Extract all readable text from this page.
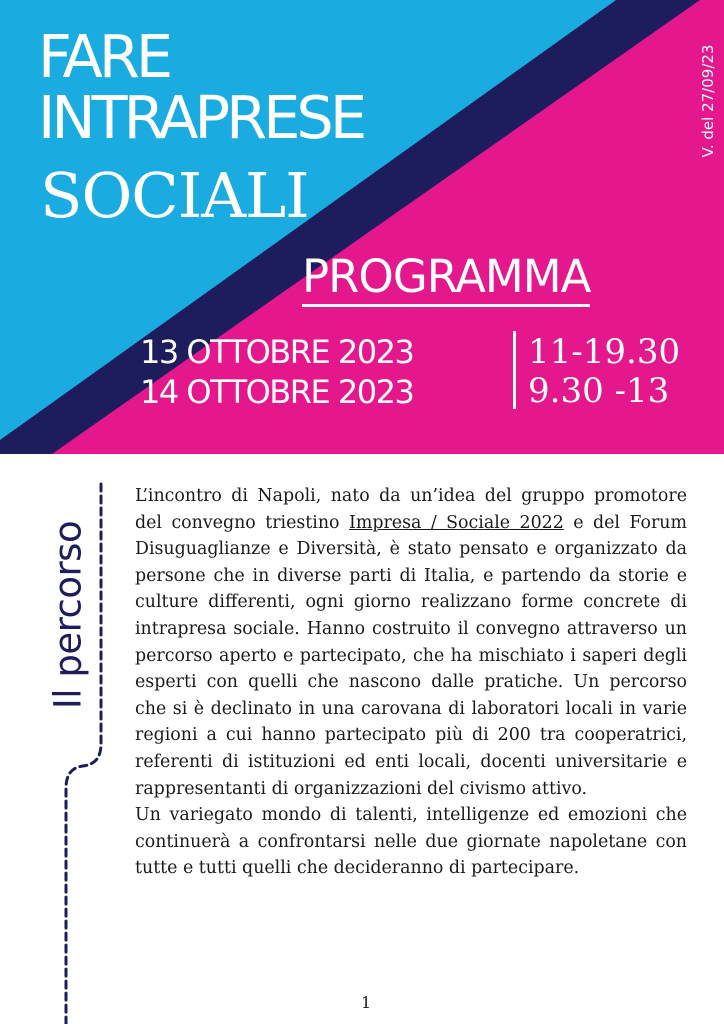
FARE
INTRAPRESE
SOCIALI
V. del 27/09/23
PROGRAMMA
13 OTTOBRE 2023
14 OTTOBRE 2023
11-19.30
9.30 -13
Il percorso

L’incontro di Napoli, nato da un’idea del gruppo promotore del convegno triestino Impresa / Sociale 2022 e del Forum Disuguaglianze e Diversità, è stato pensato e organizzato da persone che in diverse parti di Italia, e partendo da storie e culture differenti, ogni giorno realizzano forme concrete di intrapresa sociale. Hanno costruito il convegno attraverso un percorso aperto e partecipato, che ha mischiato i saperi degli esperti con quelli che nascono dalle pratiche. Un percorso che si è declinato in una carovana di laboratori locali in varie regioni a cui hanno partecipato più di 200 tra cooperatrici, referenti di istituzioni ed enti locali, docenti universitarie e rappresentanti di organizzazioni del civismo attivo.

Un variegato mondo di talenti, intelligenze ed emozioni che continuerà a confrontarsi nelle due giornate napoletane con tutte e tutti quelli che decideranno di partecipare.

1
